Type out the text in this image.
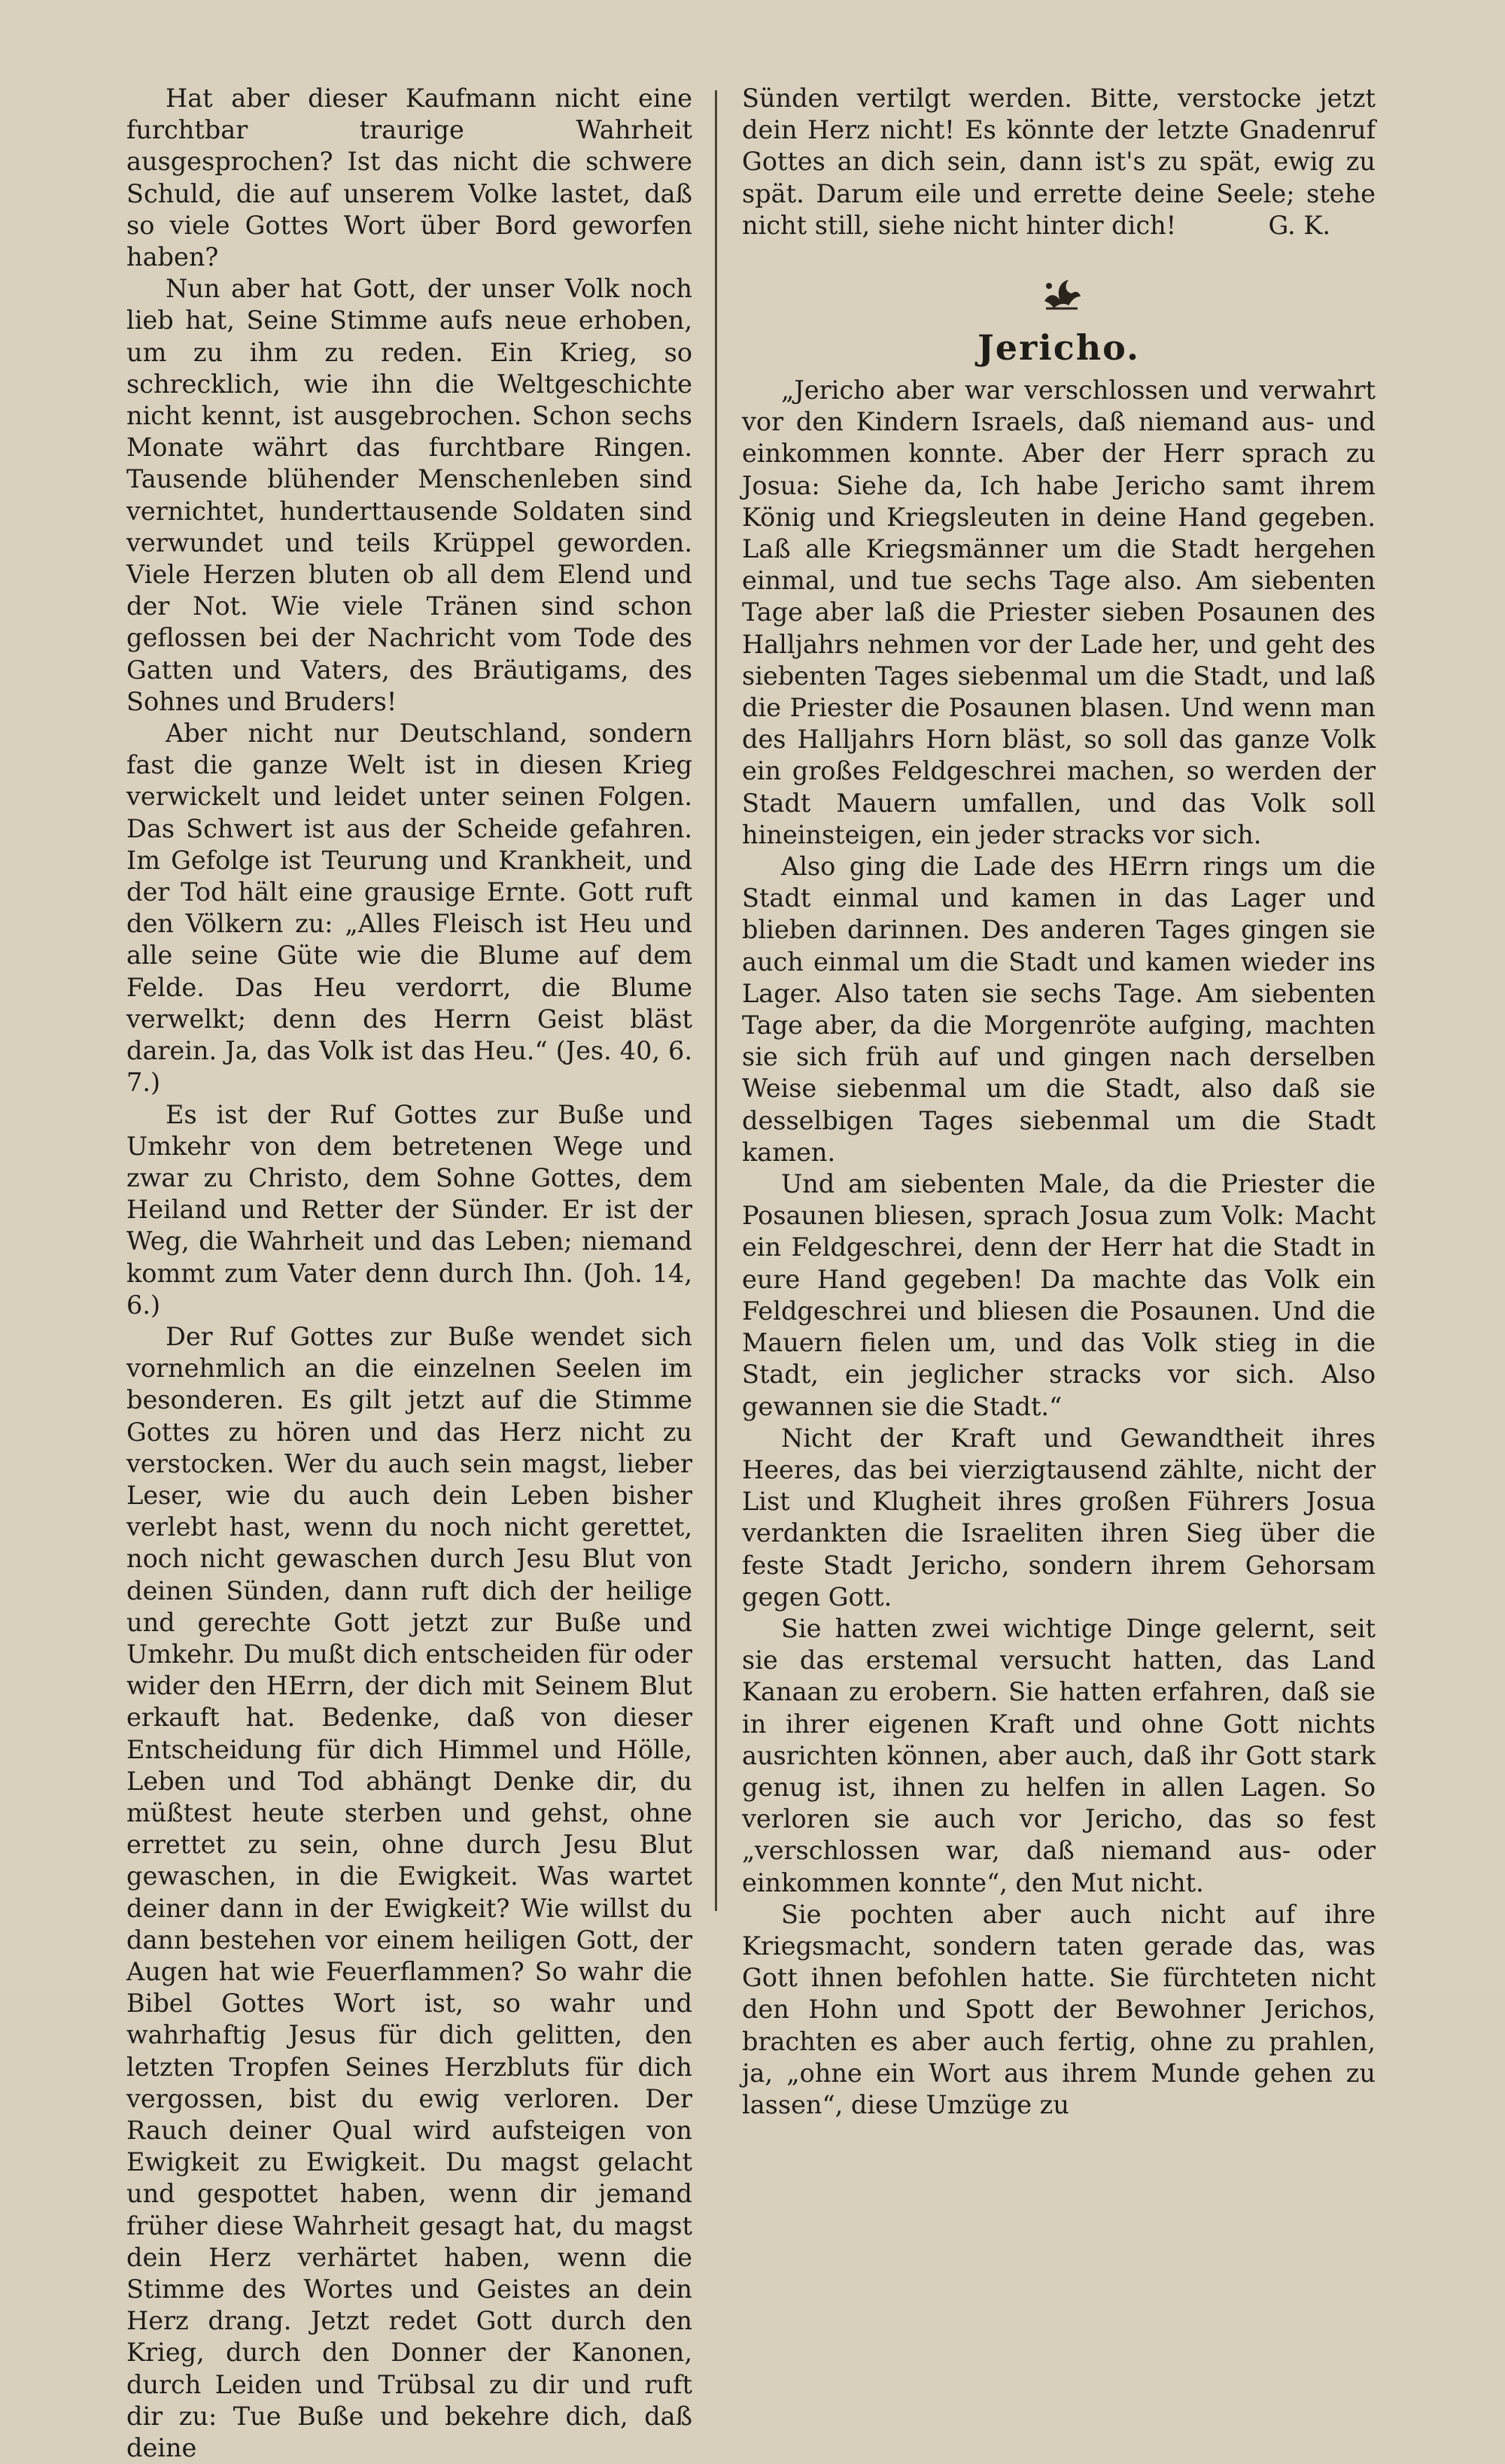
Hat aber dieser Kaufmann nicht eine furchtbar traurige Wahrheit ausgesprochen? Ist das nicht die schwere Schuld, die auf unserem Volke lastet, daß so viele Gottes Wort über Bord geworfen haben?

Nun aber hat Gott, der unser Volk noch lieb hat, Seine Stimme aufs neue erhoben, um zu ihm zu reden. Ein Krieg, so schrecklich, wie ihn die Weltgeschichte nicht kennt, ist ausgebrochen. Schon sechs Monate währt das furchtbare Ringen. Tausende blühender Menschenleben sind vernichtet, hunderttausende Soldaten sind verwundet und teils Krüppel geworden. Viele Herzen bluten ob all dem Elend und der Not. Wie viele Tränen sind schon geflossen bei der Nachricht vom Tode des Gatten und Vaters, des Bräutigams, des Sohnes und Bruders!

Aber nicht nur Deutschland, sondern fast die ganze Welt ist in diesen Krieg verwickelt und leidet unter seinen Folgen. Das Schwert ist aus der Scheide gefahren. Im Gefolge ist Teurung und Krankheit, und der Tod hält eine grausige Ernte. Gott ruft den Völkern zu: „Alles Fleisch ist Heu und alle seine Güte wie die Blume auf dem Felde. Das Heu verdorrt, die Blume verwelkt; denn des Herrn Geist bläst darein. Ja, das Volk ist das Heu.“ (Jes. 40, 6. 7.)

Es ist der Ruf Gottes zur Buße und Umkehr von dem betretenen Wege und zwar zu Christo, dem Sohne Gottes, dem Heiland und Retter der Sünder. Er ist der Weg, die Wahrheit und das Leben; niemand kommt zum Vater denn durch Ihn. (Joh. 14, 6.)

Der Ruf Gottes zur Buße wendet sich vornehmlich an die einzelnen Seelen im besonderen. Es gilt jetzt auf die Stimme Gottes zu hören und das Herz nicht zu verstocken. Wer du auch sein magst, lieber Leser, wie du auch dein Leben bisher verlebt hast, wenn du noch nicht gerettet, noch nicht gewaschen durch Jesu Blut von deinen Sünden, dann ruft dich der heilige und gerechte Gott jetzt zur Buße und Umkehr. Du mußt dich entscheiden für oder wider den HErrn, der dich mit Seinem Blut erkauft hat. Bedenke, daß von dieser Entscheidung für dich Himmel und Hölle, Leben und Tod abhängt Denke dir, du müßtest heute sterben und gehst, ohne errettet zu sein, ohne durch Jesu Blut gewaschen, in die Ewigkeit. Was wartet deiner dann in der Ewigkeit? Wie willst du dann bestehen vor einem heiligen Gott, der Augen hat wie Feuerflammen? So wahr die Bibel Gottes Wort ist, so wahr und wahrhaftig Jesus für dich gelitten, den letzten Tropfen Seines Herzbluts für dich vergossen, bist du ewig verloren. Der Rauch deiner Qual wird aufsteigen von Ewigkeit zu Ewigkeit. Du magst gelacht und gespottet haben, wenn dir jemand früher diese Wahrheit gesagt hat, du magst dein Herz verhärtet haben, wenn die Stimme des Wortes und Geistes an dein Herz drang. Jetzt redet Gott durch den Krieg, durch den Donner der Kanonen, durch Leiden und Trübsal zu dir und ruft dir zu: Tue Buße und bekehre dich, daß deine

Sünden vertilgt werden. Bitte, verstocke jetzt dein Herz nicht! Es könnte der letzte Gnadenruf Gottes an dich sein, dann ist's zu spät, ewig zu spät. Darum eile und errette deine Seele; stehe nicht still, siehe nicht hinter dich!	G. K.
Jericho.

„Jericho aber war verschlossen und verwahrt vor den Kindern Israels, daß niemand aus- und einkommen konnte. Aber der Herr sprach zu Josua: Siehe da, Ich habe Jericho samt ihrem König und Kriegsleuten in deine Hand gegeben. Laß alle Kriegsmänner um die Stadt hergehen einmal, und tue sechs Tage also. Am siebenten Tage aber laß die Priester sieben Posaunen des Halljahrs nehmen vor der Lade her, und geht des siebenten Tages siebenmal um die Stadt, und laß die Priester die Posaunen blasen. Und wenn man des Halljahrs Horn bläst, so soll das ganze Volk ein großes Feldgeschrei machen, so werden der Stadt Mauern umfallen, und das Volk soll hineinsteigen, ein jeder stracks vor sich.

Also ging die Lade des HErrn rings um die Stadt einmal und kamen in das Lager und blieben darinnen. Des anderen Tages gingen sie auch einmal um die Stadt und kamen wieder ins Lager. Also taten sie sechs Tage. Am siebenten Tage aber, da die Morgenröte aufging, machten sie sich früh auf und gingen nach derselben Weise siebenmal um die Stadt, also daß sie desselbigen Tages siebenmal um die Stadt kamen.

Und am siebenten Male, da die Priester die Posaunen bliesen, sprach Josua zum Volk: Macht ein Feldgeschrei, denn der Herr hat die Stadt in eure Hand gegeben! Da machte das Volk ein Feldgeschrei und bliesen die Posaunen. Und die Mauern fielen um, und das Volk stieg in die Stadt, ein jeglicher stracks vor sich. Also gewannen sie die Stadt.“

Nicht der Kraft und Gewandtheit ihres Heeres, das bei vierzigtausend zählte, nicht der List und Klugheit ihres großen Führers Josua verdankten die Israeliten ihren Sieg über die feste Stadt Jericho, sondern ihrem Gehorsam gegen Gott.

Sie hatten zwei wichtige Dinge gelernt, seit sie das erstemal versucht hatten, das Land Kanaan zu erobern. Sie hatten erfahren, daß sie in ihrer eigenen Kraft und ohne Gott nichts ausrichten können, aber auch, daß ihr Gott stark genug ist, ihnen zu helfen in allen Lagen. So verloren sie auch vor Jericho, das so fest „verschlossen war, daß niemand aus- oder einkommen konnte“, den Mut nicht.

Sie pochten aber auch nicht auf ihre Kriegsmacht, sondern taten gerade das, was Gott ihnen befohlen hatte. Sie fürchteten nicht den Hohn und Spott der Bewohner Jerichos, brachten es aber auch fertig, ohne zu prahlen, ja, „ohne ein Wort aus ihrem Munde gehen zu lassen“, diese Umzüge zu
